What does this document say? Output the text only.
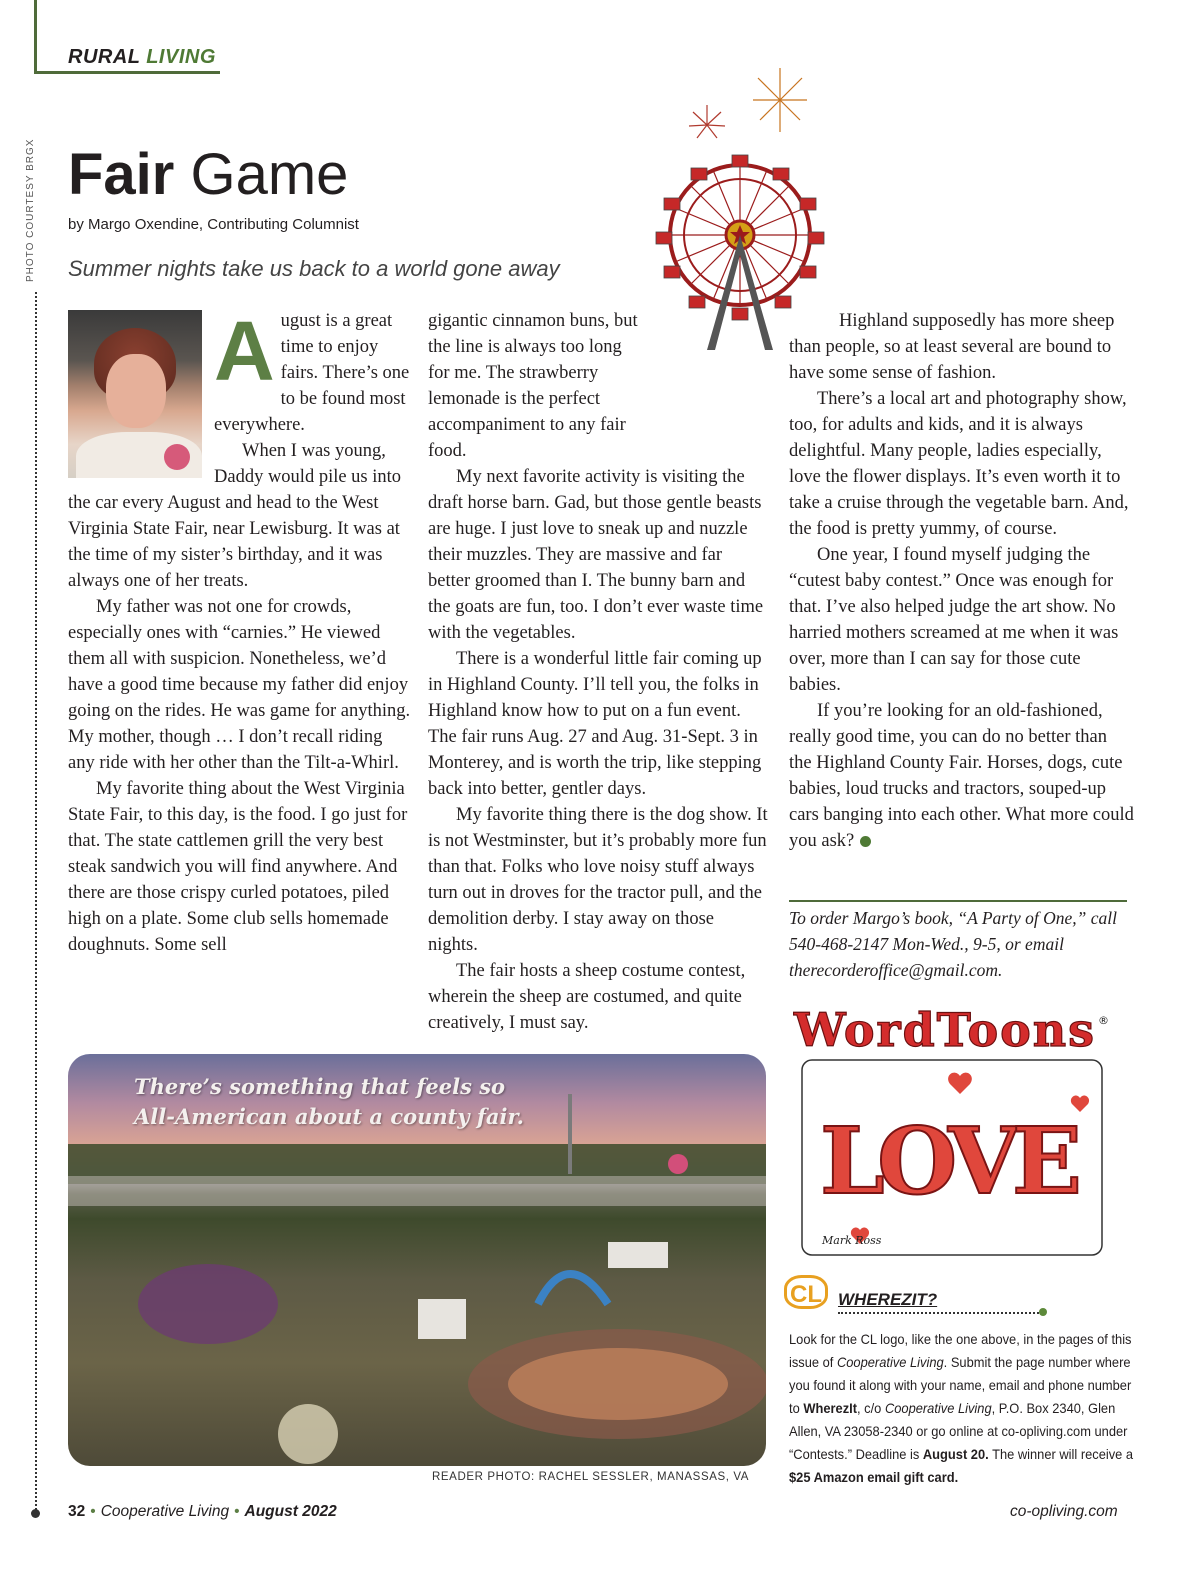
RURAL LIVING
PHOTO COURTESY BRGX Fair Game
by Margo Oxendine, Contributing Columnist
Summer nights take us back to a world gone away
A ugust is a great time to enjoy fairs. There’s one to be found most everywhere.

When I was young, Daddy would pile us into the car every August and head to the West Virginia State Fair, near Lewisburg. It was at the time of my sister’s birthday, and it was always one of her treats.

My father was not one for crowds, especially ones with “carnies.” He viewed them all with suspicion. Nonetheless, we’d have a good time because my father did enjoy going on the rides. He was game for anything. My mother, though … I don’t recall riding any ride with her other than the Tilt-a-Whirl.

My favorite thing about the West Virginia State Fair, to this day, is the food. I go just for that. The state cattlemen grill the very best steak sandwich you will find anywhere. And there are those crispy curled potatoes, piled high on a plate. Some club sells homemade doughnuts. Some sell

gigantic cinnamon buns, but the line is always too long for me. The strawberry lemonade is the perfect accompaniment to any fair food.

My next favorite activity is visiting the draft horse barn. Gad, but those gentle beasts are huge. I just love to sneak up and nuzzle their muzzles. They are massive and far better groomed than I. The bunny barn and the goats are fun, too. I don’t ever waste time with the vegetables.

There is a wonderful little fair coming up in Highland County. I’ll tell you, the folks in Highland know how to put on a fun event. The fair runs Aug. 27 and Aug. 31-Sept. 3 in Monterey, and is worth the trip, like stepping back into better, gentler days.

My favorite thing there is the dog show. It is not Westminster, but it’s probably more fun than that. Folks who love noisy stuff always turn out in droves for the tractor pull, and the demolition derby. I stay away on those nights.

The fair hosts a sheep costume contest, wherein the sheep are costumed, and quite creatively, I must say.

Highland supposedly has more sheep than people, so at least several are bound to have some sense of fashion.

There’s a local art and photography show, too, for adults and kids, and it is always delightful. Many people, ladies especially, love the flower displays. It’s even worth it to take a cruise through the vegetable barn. And, the food is pretty yummy, of course.

One year, I found myself judging the “cutest baby contest.” Once was enough for that. I’ve also helped judge the art show. No harried mothers screamed at me when it was over, more than I can say for those cute babies.

If you’re looking for an old-fashioned, really good time, you can do no better than the Highland County Fair. Horses, dogs, cute babies, loud trucks and tractors, souped-up cars banging into each other. What more could you ask?

To order Margo’s book, “A Party of One,” call 540-468-2147 Mon-Wed., 9-5, or email therecorderoffice@gmail.com.
WordToons ®
LOVE
Mark Ross
CL WHEREZIT?
Look for the CL logo, like the one above, in the pages of this issue of Cooperative Living. Submit the page number where you found it along with your name, email and phone number to WherezIt, c/o Cooperative Living, P.O. Box 2340, Glen Allen, VA 23058-2340 or go online at co-opliving.com under “Contests.” Deadline is August 20. The winner will receive a $25 Amazon email gift card.
There’s something that feels so
All-American about a county fair.
READER PHOTO: RACHEL SESSLER, MANASSAS, VA
32 • Cooperative Living • August 2022	co-opliving.com
